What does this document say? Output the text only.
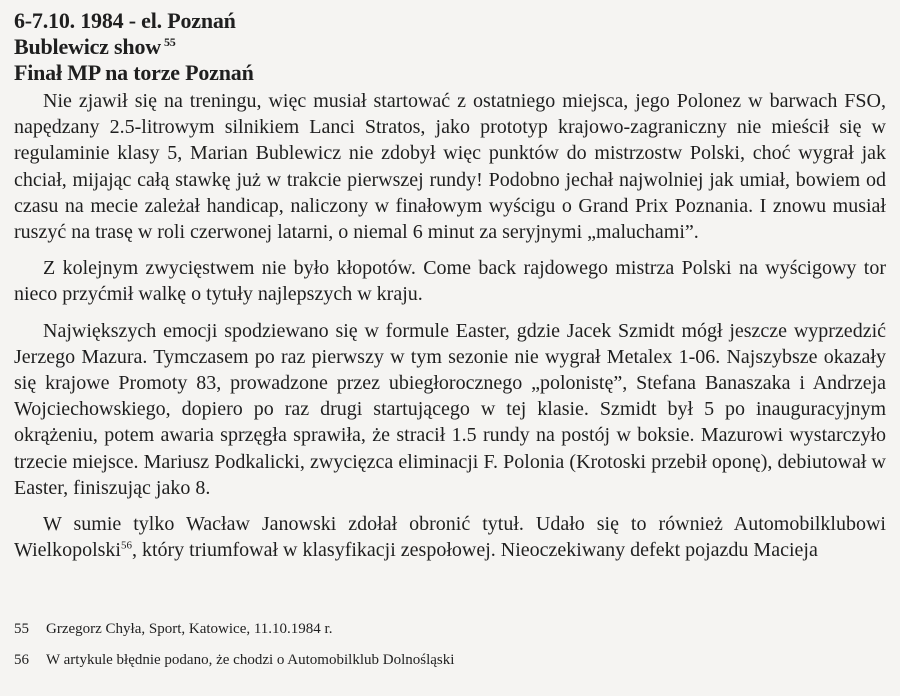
6-7.10. 1984 - el. Poznań
Bublewicz show $^{55}$
Finał MP na torze Poznań

Nie zjawił się na treningu, więc musiał startować z ostatniego miejsca, jego Polonez w barwach FSO, napędzany 2.5-litrowym silnikiem Lanci Stratos, jako prototyp krajowo-zagraniczny nie mieścił się w regulaminie klasy 5, Marian Bublewicz nie zdobył więc punktów do mistrzostw Polski, choć wygrał jak chciał, mijając całą stawkę już w trakcie pierwszej rundy! Podobno jechał najwolniej jak umiał, bowiem od czasu na mecie zależał handicap, naliczony w finałowym wyścigu o Grand Prix Poznania. I znowu musiał ruszyć na trasę w roli czerwonej latarni, o niemal 6 minut za seryjnymi „maluchami”.

Z kolejnym zwycięstwem nie było kłopotów. Come back rajdowego mistrza Polski na wyścigowy tor nieco przyćmił walkę o tytuły najlepszych w kraju.

Największych emocji spodziewano się w formule Easter, gdzie Jacek Szmidt mógł jeszcze wyprzedzić Jerzego Mazura. Tymczasem po raz pierwszy w tym sezonie nie wygrał Metalex 1-06. Najszybsze okazały się krajowe Promoty 83, prowadzone przez ubiegłorocznego „polonistę”, Stefana Banaszaka i Andrzeja Wojciechowskiego, dopiero po raz drugi startującego w tej klasie. Szmidt był 5 po inauguracyjnym okrążeniu, potem awaria sprzęgła sprawiła, że stracił 1.5 rundy na postój w boksie. Mazurowi wystarczyło trzecie miejsce. Mariusz Podkalicki, zwycięzca eliminacji F. Polonia (Krotoski przebił oponę), debiutował w Easter, finiszując jako 8.

W sumie tylko Wacław Janowski zdołał obronić tytuł. Udało się to również Automobilklubowi Wielkopolski$^{56}$, który triumfował w klasyfikacji zespołowej. Nieoczekiwany defekt pojazdu Macieja

55	Grzegorz Chyła, Sport, Katowice, 11.10.1984 r.

56	W artykule błędnie podano, że chodzi o Automobilklub Dolnośląski
